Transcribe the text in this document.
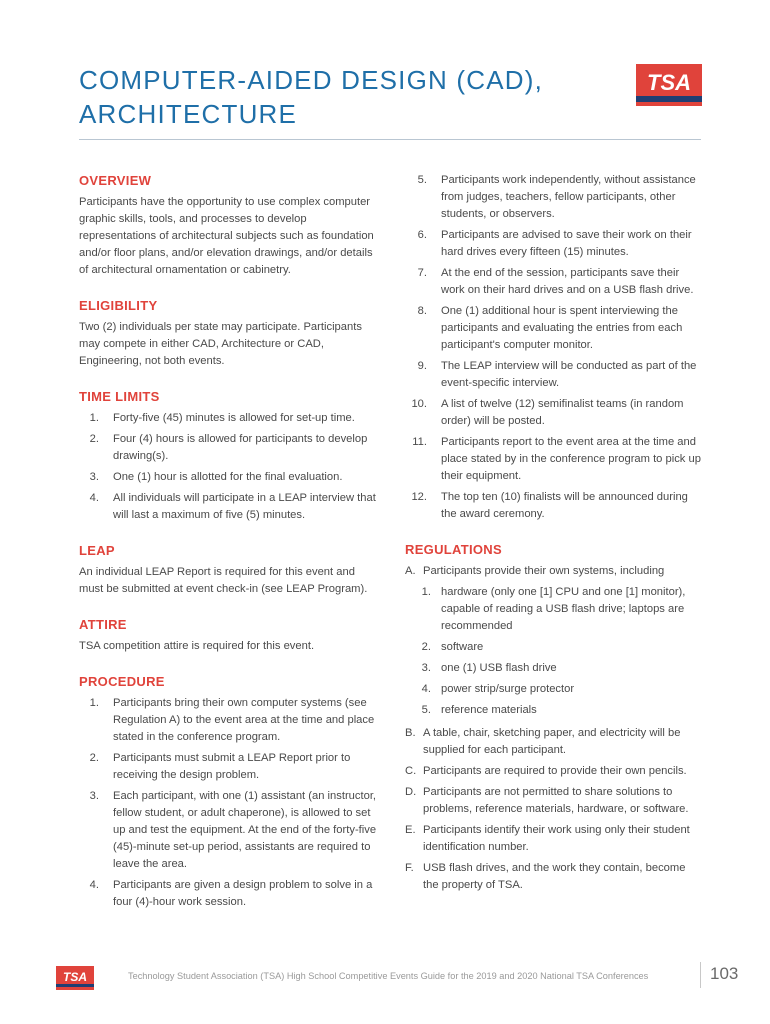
COMPUTER-AIDED DESIGN (CAD),
ARCHITECTURE
TSA
OVERVIEW

Participants have the opportunity to use complex computer graphic skills, tools, and processes to develop representations of architectural subjects such as foundation and/or floor plans, and/or elevation drawings, and/or details of architectural ornamentation or cabinetry.

ELIGIBILITY

Two (2) individuals per state may participate. Participants may compete in either CAD, Architecture or CAD, Engineering, not both events.

TIME LIMITS
1.	Forty-five (45) minutes is allowed for set-up time.
2.	Four (4) hours is allowed for participants to develop drawing(s).
3.	One (1) hour is allotted for the final evaluation.
4.	All individuals will participate in a LEAP interview that will last a maximum of five (5) minutes.
LEAP

An individual LEAP Report is required for this event and must be submitted at event check-in (see LEAP Program).

ATTIRE

TSA competition attire is required for this event.

PROCEDURE
1.	Participants bring their own computer systems (see Regulation A) to the event area at the time and place stated in the conference program.
2.	Participants must submit a LEAP Report prior to receiving the design problem.
3.	Each participant, with one (1) assistant (an instructor, fellow student, or adult chaperone), is allowed to set up and test the equipment. At the end of the forty-five (45)-minute set-up period, assistants are required to leave the area.
4.	Participants are given a design problem to solve in a four (4)-hour work session.
5.	Participants work independently, without assistance from judges, teachers, fellow participants, other students, or observers.
6.	Participants are advised to save their work on their hard drives every fifteen (15) minutes.
7.	At the end of the session, participants save their work on their hard drives and on a USB flash drive.
8.	One (1) additional hour is spent interviewing the participants and evaluating the entries from each participant's computer monitor.
9.	The LEAP interview will be conducted as part of the event-specific interview.
10.	A list of twelve (12) semifinalist teams (in random order) will be posted.
11.	Participants report to the event area at the time and place stated by in the conference program to pick up their equipment.
12.	The top ten (10) finalists will be announced during the award ceremony.
REGULATIONS
A. Participants provide their own systems, including
1. hardware (only one [1] CPU and one [1] monitor), capable of reading a USB flash drive; laptops are recommended
2. software
3. one (1) USB flash drive
4. power strip/surge protector
5. reference materials
B. A table, chair, sketching paper, and electricity will be supplied for each participant.
C. Participants are required to provide their own pencils.
D. Participants are not permitted to share solutions to problems, reference materials, hardware, or software.
E. Participants identify their work using only their student identification number.
F. USB flash drives, and the work they contain, become the property of TSA.
TSA	Technology Student Association (TSA) High School Competitive Events Guide for the 2019 and 2020 National TSA Conferences	103
